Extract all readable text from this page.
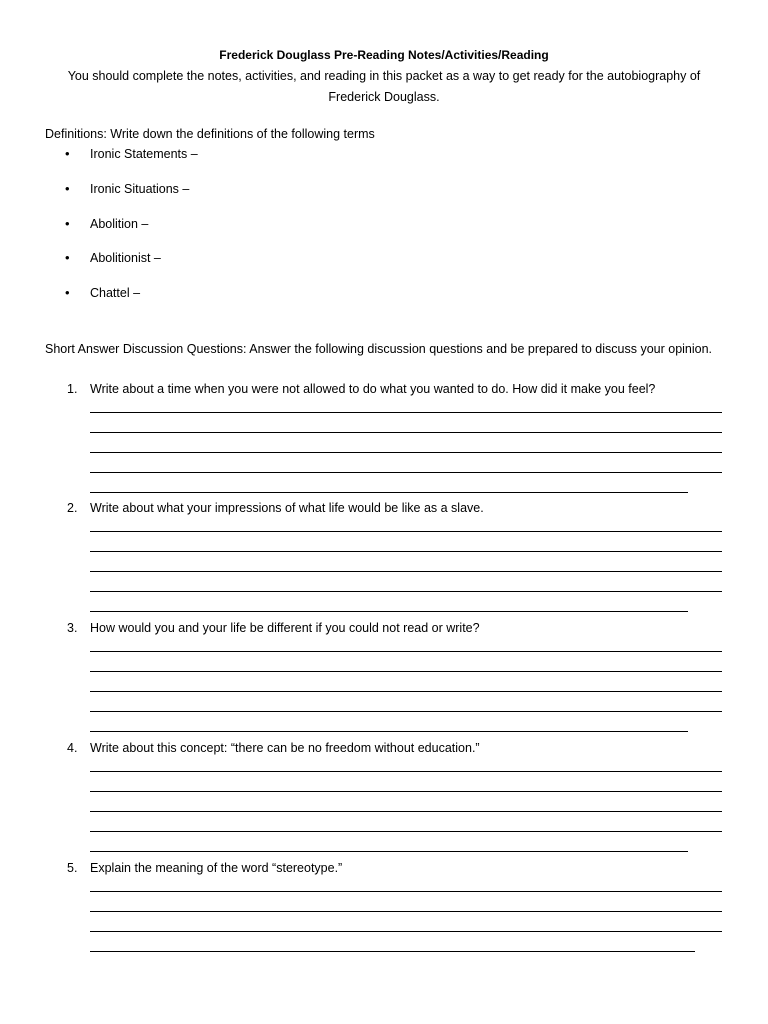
Frederick Douglass Pre-Reading Notes/Activities/Reading

You should complete the notes, activities, and reading in this packet as a way to get ready for the autobiography of Frederick Douglass.

Definitions: Write down the definitions of the following terms

• Ironic Statements –
• Ironic Situations –
• Abolition –
• Abolitionist –
• Chattel –

Short Answer Discussion Questions: Answer the following discussion questions and be prepared to discuss your opinion.

1. Write about a time when you were not allowed to do what you wanted to do. How did it make you feel?
2. Write about what your impressions of what life would be like as a slave.
3. How would you and your life be different if you could not read or write?
4. Write about this concept: “there can be no freedom without education.”
5. Explain the meaning of the word “stereotype.”
